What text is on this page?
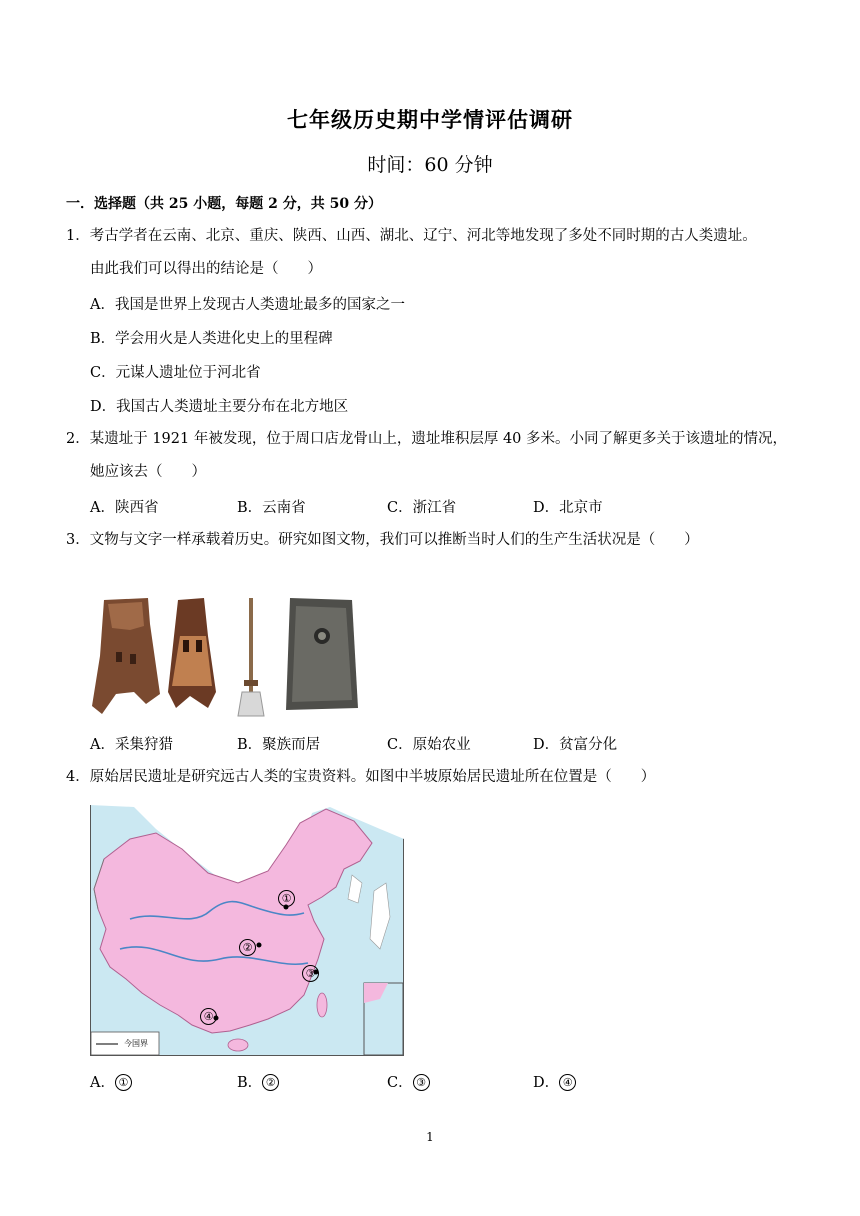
七年级历史期中学情评估调研
时间：60 分钟
一．选择题（共 25 小题，每题 2 分，共 50 分）
1．考古学者在云南、北京、重庆、陕西、山西、湖北、辽宁、河北等地发现了多处不同时期的古人类遗址。
由此我们可以得出的结论是（　　）
A．我国是世界上发现古人类遗址最多的国家之一
B．学会用火是人类进化史上的里程碑
C．元谋人遗址位于河北省
D．我国古人类遗址主要分布在北方地区
2．某遗址于 1921 年被发现，位于周口店龙骨山上，遗址堆积层厚 40 多米。小同了解更多关于该遗址的情况，
她应该去（　　）
A．陕西省	B．云南省	C．浙江省	D．北京市
3．文物与文字一样承载着历史。研究如图文物，我们可以推断当时人们的生产生活状况是（　　）
A．采集狩猎	B．聚族而居	C．原始农业	D．贫富分化
4．原始居民遗址是研究远古人类的宝贵资料。如图中半坡原始居民遗址所在位置是（　　）
①
②
③
④
今国界
A． ①	B． ②	C． ③	D． ④
1
